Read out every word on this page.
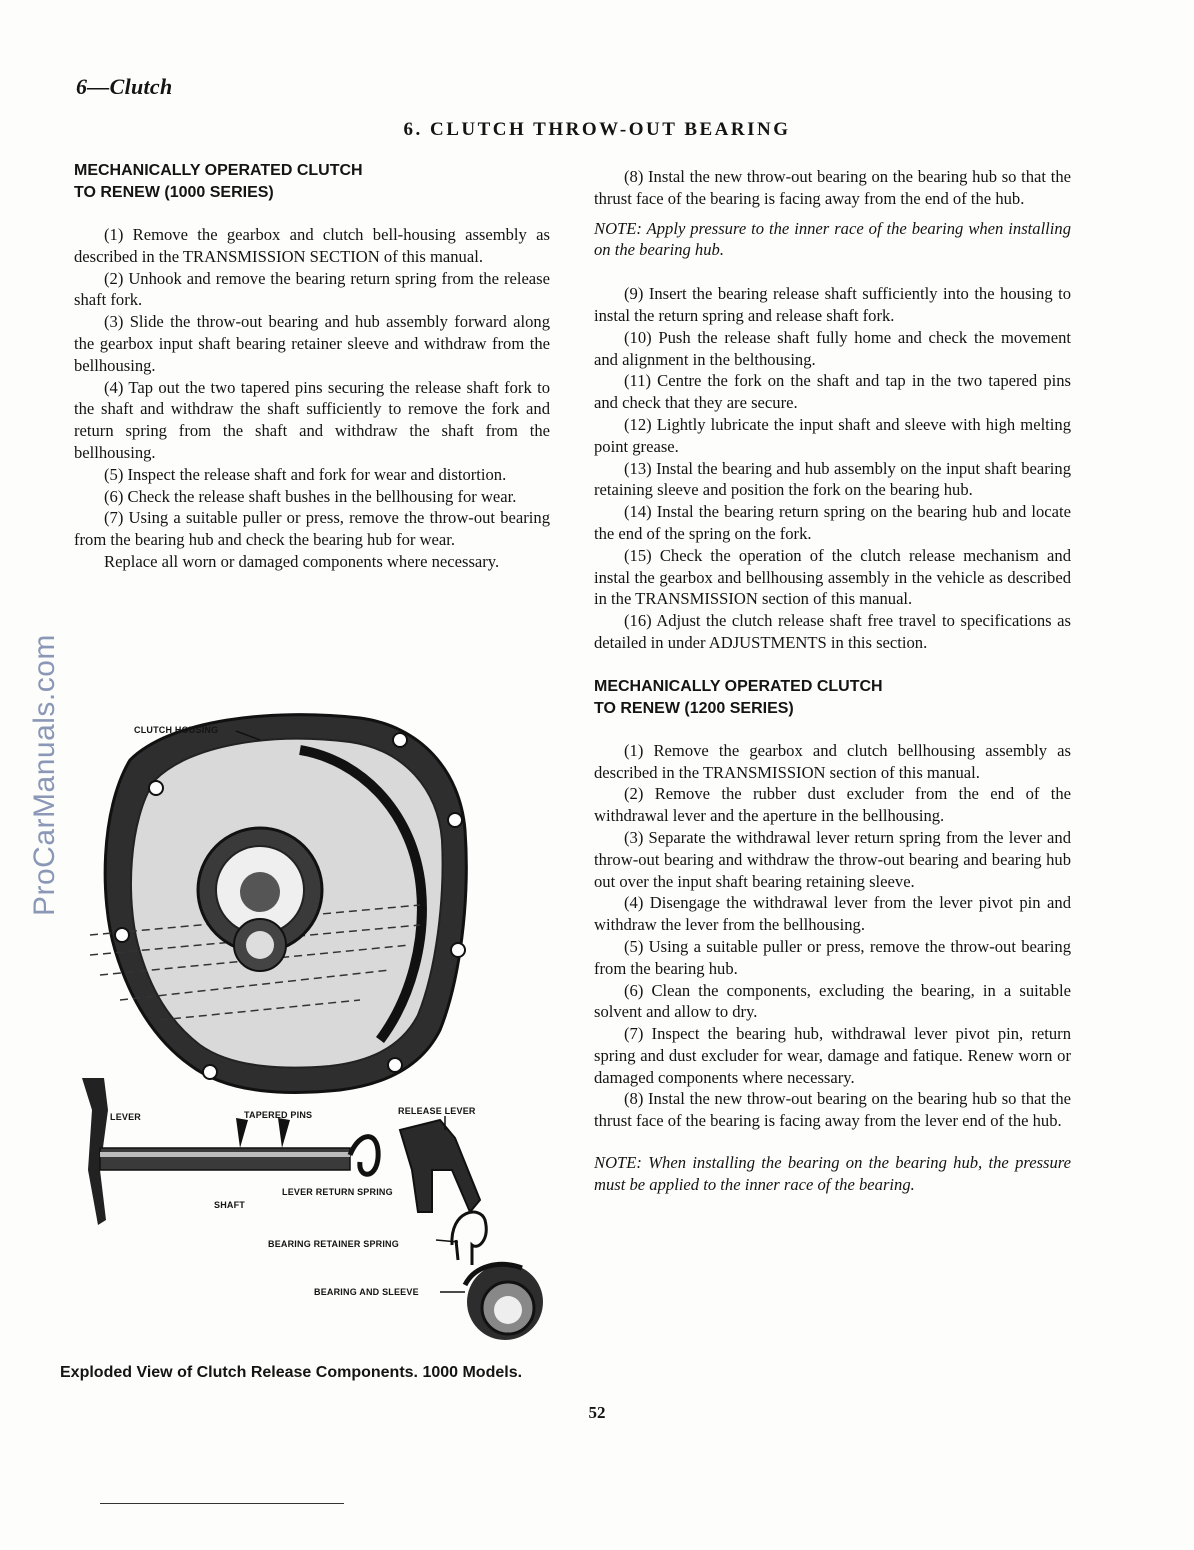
6—Clutch
6. CLUTCH THROW-OUT BEARING

MECHANICALLY OPERATED CLUTCH
TO RENEW (1000 SERIES)

(1) Remove the gearbox and clutch bell-housing assembly as described in the TRANSMISSION SECTION of this manual.

(2) Unhook and remove the bearing return spring from the release shaft fork.

(3) Slide the throw-out bearing and hub assembly forward along the gearbox input shaft bearing retainer sleeve and withdraw from the bellhousing.

(4) Tap out the two tapered pins securing the release shaft fork to the shaft and withdraw the shaft sufficiently to remove the fork and return spring from the shaft and withdraw the shaft from the bellhousing.

(5) Inspect the release shaft and fork for wear and distortion.

(6) Check the release shaft bushes in the bellhousing for wear.

(7) Using a suitable puller or press, remove the throw-out bearing from the bearing hub and check the bearing hub for wear.

Replace all worn or damaged components where necessary.

(8) Instal the new throw-out bearing on the bearing hub so that the thrust face of the bearing is facing away from the end of the hub.

NOTE: Apply pressure to the inner race of the bearing when installing on the bearing hub.

(9) Insert the bearing release shaft sufficiently into the housing to instal the return spring and release shaft fork.

(10) Push the release shaft fully home and check the movement and alignment in the belthousing.

(11) Centre the fork on the shaft and tap in the two tapered pins and check that they are secure.

(12) Lightly lubricate the input shaft and sleeve with high melting point grease.

(13) Instal the bearing and hub assembly on the input shaft bearing retaining sleeve and position the fork on the bearing hub.

(14) Instal the bearing return spring on the bearing hub and locate the end of the spring on the fork.

(15) Check the operation of the clutch release mechanism and instal the gearbox and bellhousing assembly in the vehicle as described in the TRANSMISSION section of this manual.

(16) Adjust the clutch release shaft free travel to specifications as detailed in under ADJUSTMENTS in this section.

MECHANICALLY OPERATED CLUTCH
TO RENEW (1200 SERIES)

(1) Remove the gearbox and clutch bellhousing assembly as described in the TRANSMISSION section of this manual.

(2) Remove the rubber dust excluder from the end of the withdrawal lever and the aperture in the bellhousing.

(3) Separate the withdrawal lever return spring from the lever and throw-out bearing and withdraw the throw-out bearing and bearing hub out over the input shaft bearing retaining sleeve.

(4) Disengage the withdrawal lever from the lever pivot pin and withdraw the lever from the bellhousing.

(5) Using a suitable puller or press, remove the throw-out bearing from the bearing hub.

(6) Clean the components, excluding the bearing, in a suitable solvent and allow to dry.

(7) Inspect the bearing hub, withdrawal lever pivot pin, return spring and dust excluder for wear, damage and fatique. Renew worn or damaged components where necessary.

(8) Instal the new throw-out bearing on the bearing hub so that the thrust face of the bearing is facing away from the lever end of the hub.

NOTE: When installing the bearing on the bearing hub, the pressure must be applied to the inner race of the bearing.

ProCarManuals.com	CLUTCH HOUSING
LEVER	TAPERED PINS	RELEASE LEVER
SHAFT
LEVER RETURN SPRING
BEARING RETAINER SPRING
BEARING AND SLEEVE
Exploded View of Clutch Release Components. 1000 Models.
52
